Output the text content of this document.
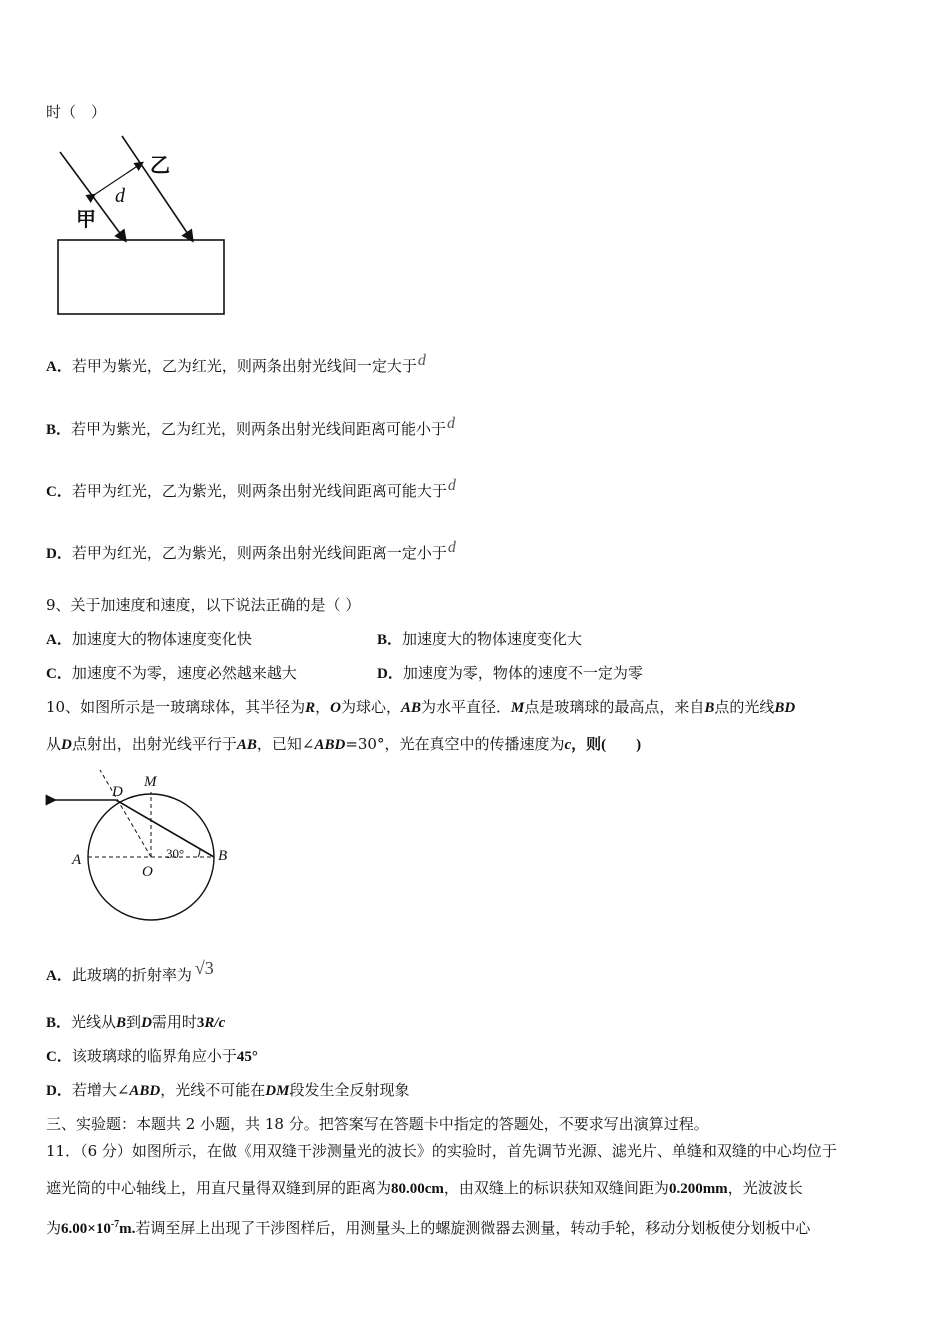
时（　）
乙
d
甲
A．若甲为紫光，乙为红光，则两条出射光线间一定大于d
B．若甲为紫光，乙为红光，则两条出射光线间距离可能小于d
C．若甲为红光，乙为紫光，则两条出射光线间距离可能大于d
D．若甲为红光，乙为紫光，则两条出射光线间距离一定小于d
9、关于加速度和速度，以下说法正确的是（ ）
A．加速度大的物体速度变化快	B．加速度大的物体速度变化大
C．加速度不为零，速度必然越来越大	D．加速度为零，物体的速度不一定为零
10、如图所示是一玻璃球体，其半径为R，O为球心，AB为水平直径．M点是玻璃球的最高点，来自B点的光线BD
从D点射出，出射光线平行于AB，已知∠ABD=30°，光在真空中的传播速度为c，则(　　)
D
M
A
O
B
30°
A．此玻璃的折射率为 √3
B．光线从B到D需用时3R/c
C．该玻璃球的临界角应小于45°
D．若增大∠ABD，光线不可能在DM段发生全反射现象
三、实验题：本题共 2 小题，共 18 分。把答案写在答题卡中指定的答题处，不要求写出演算过程。
11．（6 分）如图所示，在做《用双缝干涉测量光的波长》的实验时，首先调节光源、滤光片、单缝和双缝的中心均位于
遮光筒的中心轴线上，用直尺量得双缝到屏的距离为80.00cm，由双缝上的标识获知双缝间距为0.200mm，光波波长
为$6.00\times 10^{-7}m$.若调至屏上出现了干涉图样后，用测量头上的螺旋测微器去测量，转动手轮，移动分划板使分划板中心
